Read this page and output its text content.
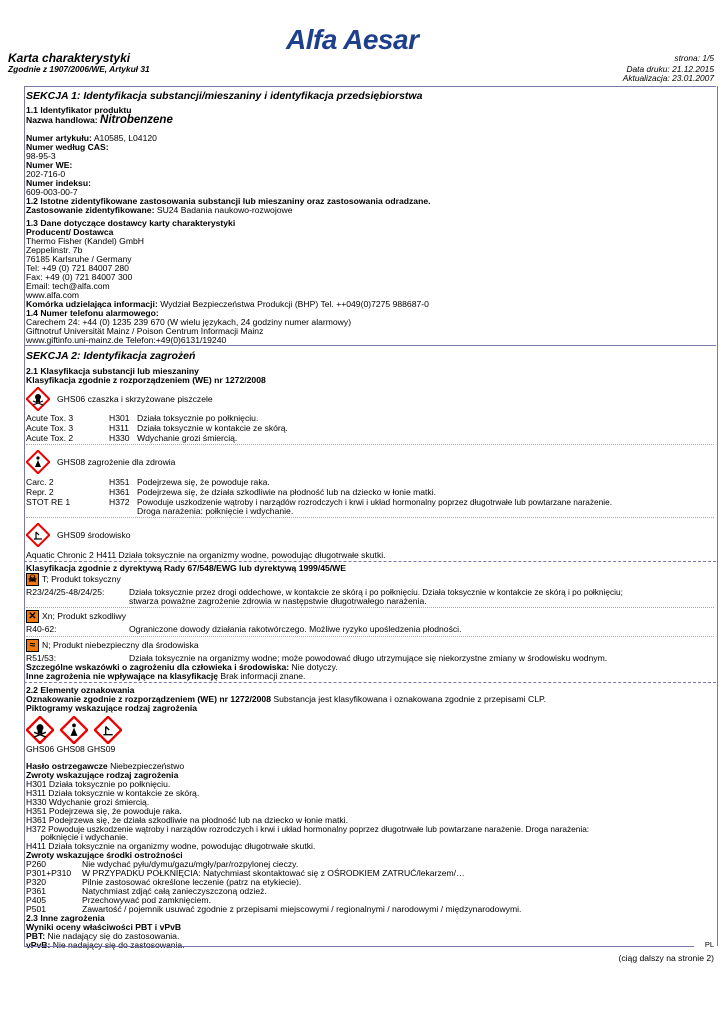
Alfa Aesar
Karta charakterystyki
Zgodnie z 1907/2006/WE, Artykuł 31
strona: 1/5
Data druku: 21.12.2015
Aktualizacja: 23.01.2007
SEKCJA 1: Identyfikacja substancji/mieszaniny i identyfikacja przedsiębiorstwa
1.1 Identyfikator produktu
Nazwa handlowa: Nitrobenzene
Numer artykułu: A10585, L04120
Numer według CAS:
98-95-3
Numer WE:
202-716-0
Numer indeksu:
609-003-00-7
1.2 Istotne zidentyfikowane zastosowania substancji lub mieszaniny oraz zastosowania odradzane.
Zastosowanie zidentyfikowane: SU24 Badania naukowo-rozwojowe
1.3 Dane dotyczące dostawcy karty charakterystyki
Producent/ Dostawca
Thermo Fisher (Kandel) GmbH
Zeppelinstr. 7b
76185 Karlsruhe / Germany
Tel: +49 (0) 721 84007 280
Fax: +49 (0) 721 84007 300
Email: tech@alfa.com
www.alfa.com
Komórka udzielająca informacji: Wydział Bezpieczeństwa Produkcji (BHP) Tel. ++049(0)7275 988687-0
1.4 Numer telefonu alarmowego:
Carechem 24: +44 (0) 1235 239 670 (W wielu językach, 24 godziny numer alarmowy)
Giftnotruf Universität Mainz / Poison Centrum Informacji Mainz
www.giftinfo.uni-mainz.de Telefon:+49(0)6131/19240
SEKCJA 2: Identyfikacja zagrożeń
2.1 Klasyfikacja substancji lub mieszaniny
Klasyfikacja zgodnie z rozporządzeniem (WE) nr 1272/2008
GHS06 czaszka i skrzyżowane piszczele
Acute Tox. 3	H301 Działa toksycznie po połknięciu.
Acute Tox. 3	H311 Działa toksycznie w kontakcie ze skórą.
Acute Tox. 2	H330 Wdychanie grozi śmiercią.
GHS08 zagrożenie dla zdrowia
Carc. 2	H351 Podejrzewa się, że powoduje raka.
Repr. 2	H361 Podejrzewa się, że działa szkodliwie na płodność lub na dziecko w łonie matki.
STOT RE 1	H372 Powoduje uszkodzenie wątroby i narządów rozrodczych i krwi i układ hormonalny poprzez długotrwałe lub powtarzane narażenie.
Droga narażenia: połknięcie i wdychanie.
GHS09 środowisko
Aquatic Chronic 2 H411 Działa toksycznie na organizmy wodne, powodując długotrwałe skutki.
Klasyfikacja zgodnie z dyrektywą Rady 67/548/EWG lub dyrektywą 1999/45/WE
☠ T; Produkt toksyczny
R23/24/25-48/24/25:	Działa toksycznie przez drogi oddechowe, w kontakcie ze skórą i po połknięciu. Działa toksycznie w kontakcie ze skórą i po połknięciu;
stwarza poważne zagrożenie zdrowia w następstwie długotrwałego narażenia.
✕ Xn; Produkt szkodliwy
R40-62:	Ograniczone dowody działania rakotwórczego. Możliwe ryzyko upośledzenia płodności.
≈ N; Produkt niebezpieczny dla środowiska
R51/53:	Działa toksycznie na organizmy wodne; może powodować długo utrzymujące się niekorzystne zmiany w środowisku wodnym.
Szczególne wskazówki o zagrożeniu dla człowieka i środowiska: Nie dotyczy.
Inne zagrożenia nie wpływające na klasyfikację Brak informacji znane.
2.2 Elementy oznakowania
Oznakowanie zgodnie z rozporządzeniem (WE) nr 1272/2008 Substancja jest klasyfikowana i oznakowana zgodnie z przepisami CLP.
Piktogramy wskazujące rodzaj zagrożenia
GHS06 GHS08 GHS09
Hasło ostrzegawcze Niebezpieczeństwo
Zwroty wskazujące rodzaj zagrożenia
H301 Działa toksycznie po połknięciu.
H311 Działa toksycznie w kontakcie ze skórą.
H330 Wdychanie grozi śmiercią.
H351 Podejrzewa się, że powoduje raka.
H361 Podejrzewa się, że działa szkodliwie na płodność lub na dziecko w łonie matki.
H372 Powoduje uszkodzenie wątroby i narządów rozrodczych i krwi i układ hormonalny poprzez długotrwałe lub powtarzane narażenie. Droga narażenia:
połknięcie i wdychanie.
H411 Działa toksycznie na organizmy wodne, powodując długotrwałe skutki.
Zwroty wskazujące środki ostrożności
P260	Nie wdychać pyłu/dymu/gazu/mgły/par/rozpylonej cieczy.
P301+P310 W PRZYPADKU POŁKNIĘCIA: Natychmiast skontaktować się z OŚRODKIEM ZATRUĆ/lekarzem/…
P320	Pilnie zastosować określone leczenie (patrz na etykiecie).
P361	Natychmiast zdjąć całą zanieczyszczoną odzież.
P405	Przechowywać pod zamknięciem.
P501	Zawartość / pojemnik usuwać zgodnie z przepisami miejscowymi / regionalnymi / narodowymi / międzynarodowymi.
2.3 Inne zagrożenia
Wyniki oceny właściwości PBT i vPvB
PBT: Nie nadający się do zastosowania.
vPvB: Nie nadający się do zastosowania.	PL
(ciąg dalszy na stronie 2)
